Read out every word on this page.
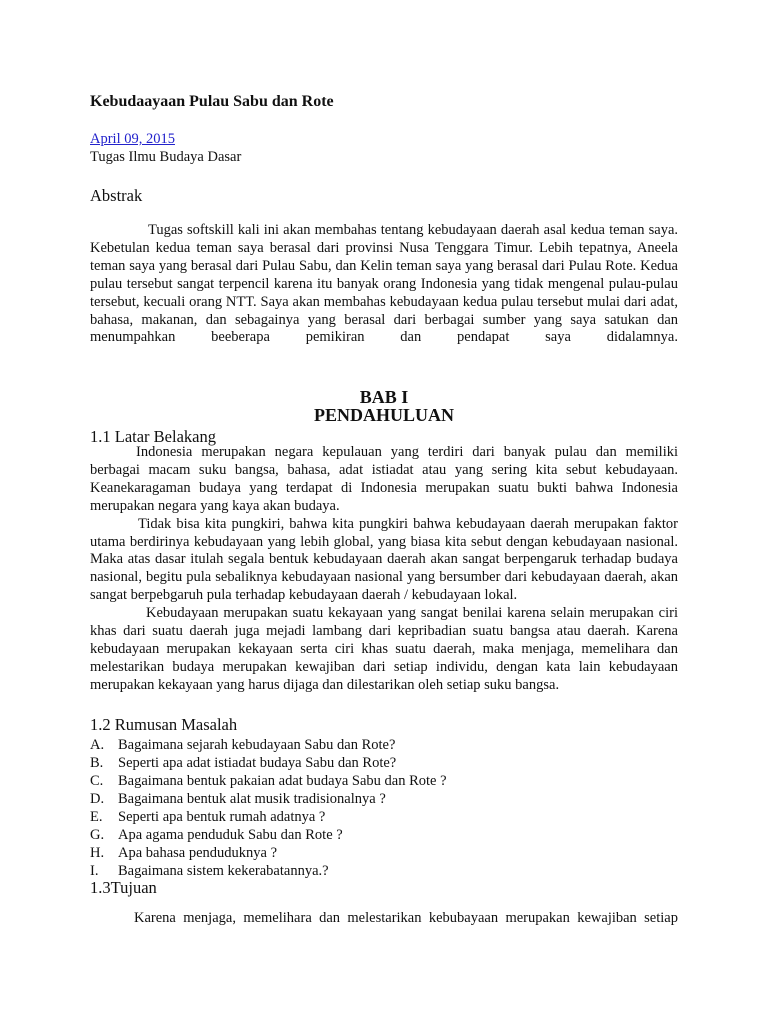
Kebudaayaan Pulau Sabu dan Rote
April 09, 2015
Tugas Ilmu Budaya Dasar
Abstrak

Tugas softskill kali ini akan membahas tentang kebudayaan daerah asal kedua teman saya. Kebetulan kedua teman saya berasal dari provinsi Nusa Tenggara Timur. Lebih tepatnya, Aneela teman saya yang berasal dari Pulau Sabu, dan Kelin teman saya yang berasal dari Pulau Rote. Kedua pulau tersebut sangat terpencil karena itu banyak orang Indonesia yang tidak mengenal pulau-pulau tersebut, kecuali orang NTT. Saya akan membahas kebudayaan kedua pulau tersebut mulai dari adat, bahasa, makanan, dan sebagainya yang berasal dari berbagai sumber yang saya satukan dan menumpahkan beeberapa pemikiran dan pendapat saya didalamnya.

BAB I
PENDAHULUAN
1.1 Latar Belakang

Indonesia merupakan negara kepulauan yang terdiri dari banyak pulau dan memiliki berbagai macam suku bangsa, bahasa, adat istiadat atau yang sering kita sebut kebudayaan. Keanekaragaman budaya yang terdapat di Indonesia merupakan suatu bukti bahwa Indonesia merupakan negara yang kaya akan budaya.

Tidak bisa kita pungkiri, bahwa kita pungkiri bahwa kebudayaan daerah merupakan faktor utama berdirinya kebudayaan yang lebih global, yang biasa kita sebut dengan kebudayaan nasional. Maka atas dasar itulah segala bentuk kebudayaan daerah akan sangat berpengaruk terhadap budaya nasional, begitu pula sebaliknya kebudayaan nasional yang bersumber dari kebudayaan daerah, akan sangat berpebgaruh pula terhadap kebudayaan daerah / kebudayaan lokal.

Kebudayaan merupakan suatu kekayaan yang sangat benilai karena selain merupakan ciri khas dari suatu daerah juga mejadi lambang dari kepribadian suatu bangsa atau daerah. Karena kebudayaan merupakan kekayaan serta ciri khas suatu daerah, maka menjaga, memelihara dan melestarikan budaya merupakan kewajiban dari setiap individu, dengan kata lain kebudayaan merupakan kekayaan yang harus dijaga dan dilestarikan oleh setiap suku bangsa.

1.2 Rumusan Masalah
A. Bagaimana sejarah kebudayaan Sabu dan Rote?
B. Seperti apa adat istiadat budaya Sabu dan Rote?
C. Bagaimana bentuk pakaian adat budaya Sabu dan Rote ?
D. Bagaimana bentuk alat musik tradisionalnya ?
E. Seperti apa bentuk rumah adatnya ?
G. Apa agama penduduk Sabu dan Rote ?
H. Apa bahasa penduduknya ?
I. Bagaimana sistem kekerabatannya.?
1.3Tujuan

Karena menjaga, memelihara dan melestarikan kebubayaan merupakan kewajiban setiap
